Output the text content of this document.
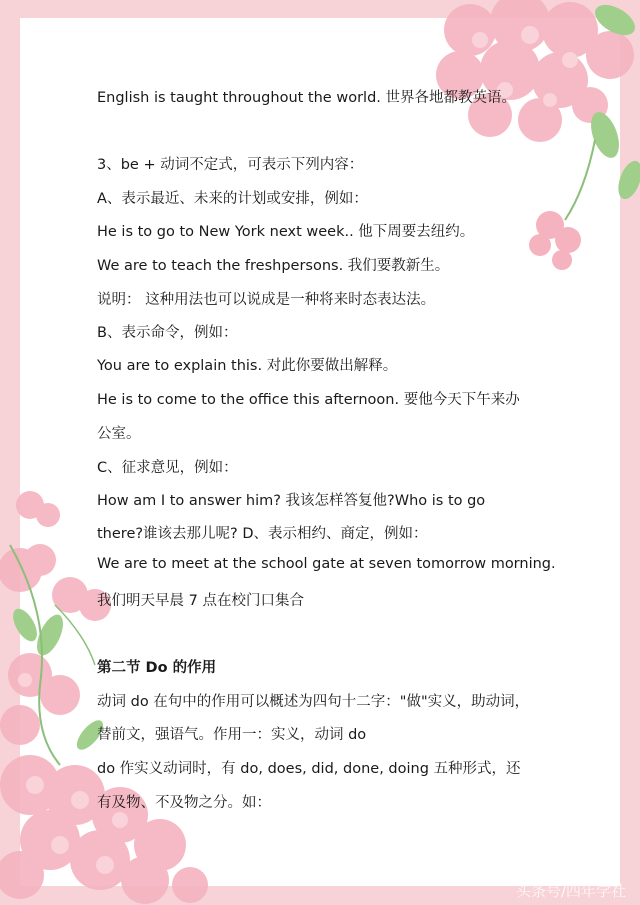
English is taught throughout the world. 世界各地都教英语。
3、be + 动词不定式，可表示下列内容：
A、表示最近、未来的计划或安排，例如：
He is to go to New York next week.. 他下周要去纽约。
We are to teach the freshpersons. 我们要教新生。
说明： 这种用法也可以说成是一种将来时态表达法。
B、表示命令，例如：
You are to explain this. 对此你要做出解释。
He is to come to the office this afternoon. 要他今天下午来办
公室。
C、征求意见，例如：
How am I to answer him? 我该怎样答复他?Who is to go
there?谁该去那儿呢? D、表示相约、商定，例如：
We are to meet at the school gate at seven tomorrow morning.
我们明天早晨 7 点在校门口集合
第二节 Do 的作用
动词 do 在句中的作用可以概述为四句十二字："做"实义，助动词，
替前文，强语气。作用一：实义，动词 do
do 作实义动词时，有 do, does, did, done, doing 五种形式，还
有及物、不及物之分。如：
头条号/四年学社
